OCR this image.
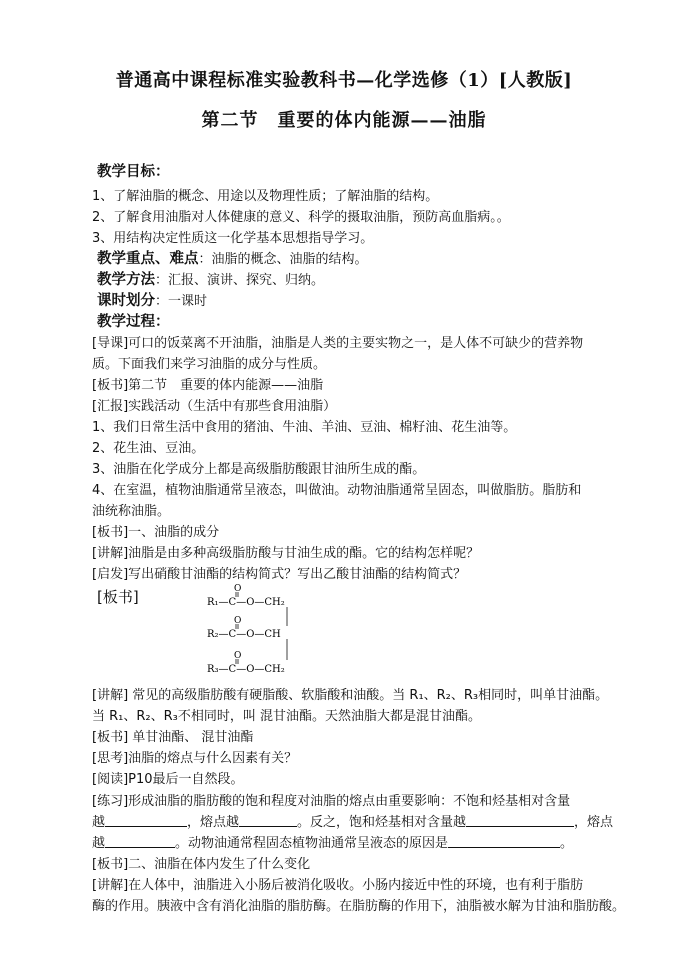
普通高中课程标准实验教科书—化学选修（1）[人教版]
第二节　重要的体内能源——油脂
教学目标：
1、了解油脂的概念、用途以及物理性质；了解油脂的结构。
2、了解食用油脂对人体健康的意义、科学的摄取油脂，预防高血脂病。。
3、用结构决定性质这一化学基本思想指导学习。
教学重点、难点：油脂的概念、油脂的结构。
教学方法：汇报、演讲、探究、归纳。
课时划分：一课时
教学过程：
[导课]可口的饭菜离不开油脂，油脂是人类的主要实物之一，是人体不可缺少的营养物
质。下面我们来学习油脂的成分与性质。
[板书]第二节　重要的体内能源——油脂
[汇报]实践活动（生活中有那些食用油脂）
1、我们日常生活中食用的猪油、牛油、羊油、豆油、棉籽油、花生油等。
2、花生油、豆油。
3、油脂在化学成分上都是高级脂肪酸跟甘油所生成的酯。
4、在室温，植物油脂通常呈液态，叫做油。动物油脂通常呈固态，叫做脂肪。脂肪和
油统称油脂。
[板书]一、油脂的成分
[讲解]油脂是由多种高级脂肪酸与甘油生成的酯。它的结构怎样呢？
[启发]写出硝酸甘油酯的结构简式？写出乙酸甘油酯的结构简式？
[板书]	O
R₁—C—O—CH₂
O
R₂—C—O—CH
O
R₃—C—O—CH₂
[讲解] 常见的高级脂肪酸有硬脂酸、软脂酸和油酸。当 R₁、R₂、R₃相同时，叫单甘油酯。
当 R₁、R₂、R₃不相同时，叫 混甘油酯。天然油脂大都是混甘油酯。
[板书] 单甘油酯、 混甘油酯
[思考]油脂的熔点与什么因素有关？
[阅读]P10最后一自然段。
[练习]形成油脂的脂肪酸的饱和程度对油脂的熔点由重要影响：不饱和烃基相对含量
越	，熔点越	。反之，饱和烃基相对含量越	，熔点
越	。动物油通常程固态植物油通常呈液态的原因是	。
[板书]二、油脂在体内发生了什么变化
[讲解]在人体中，油脂进入小肠后被消化吸收。小肠内接近中性的环境，也有利于脂肪
酶的作用。胰液中含有消化油脂的脂肪酶。在脂肪酶的作用下，油脂被水解为甘油和脂肪酸。
